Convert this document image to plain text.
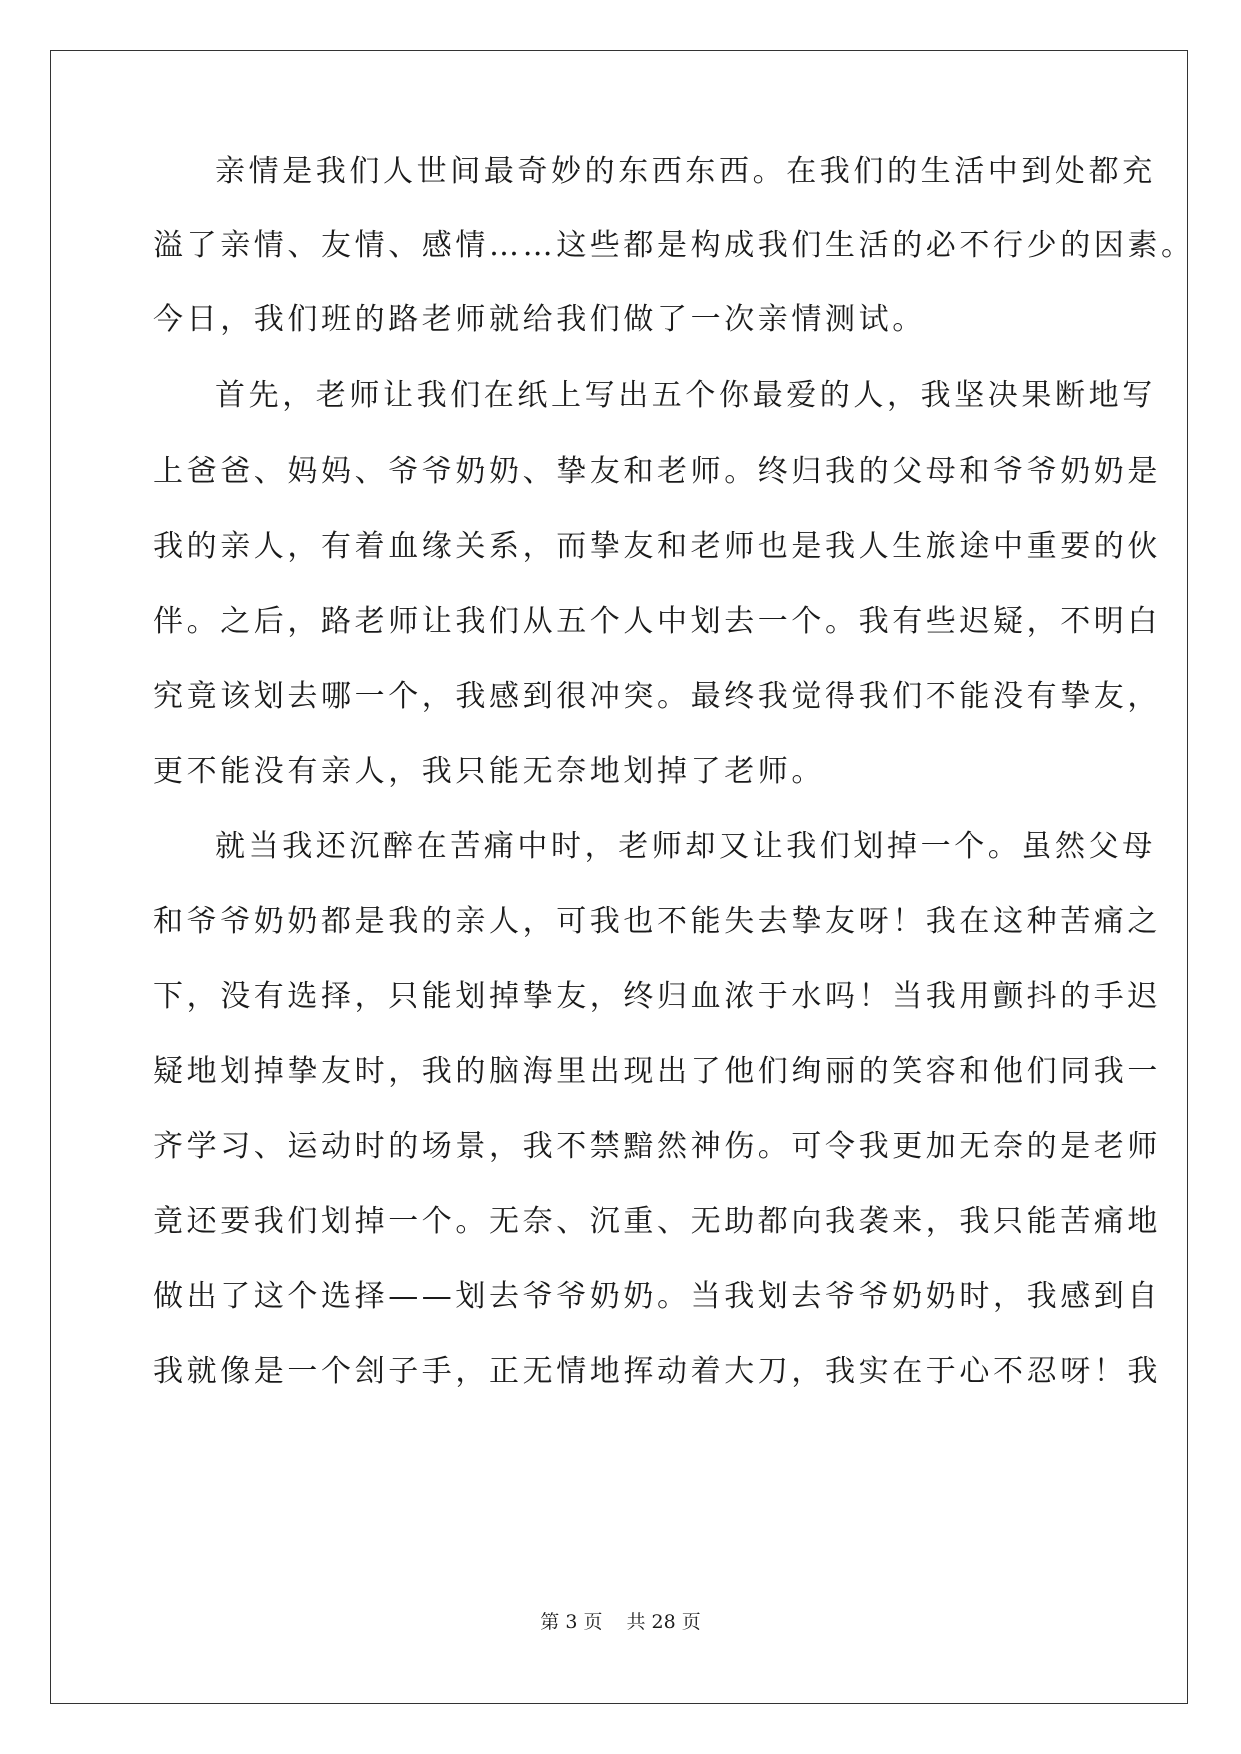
亲情是我们人世间最奇妙的东西东西。在我们的生活中到处都充
溢了亲情、友情、感情……这些都是构成我们生活的必不行少的因素。
今日，我们班的路老师就给我们做了一次亲情测试。
首先，老师让我们在纸上写出五个你最爱的人，我坚决果断地写
上爸爸、妈妈、爷爷奶奶、挚友和老师。终归我的父母和爷爷奶奶是
我的亲人，有着血缘关系，而挚友和老师也是我人生旅途中重要的伙
伴。之后，路老师让我们从五个人中划去一个。我有些迟疑，不明白
究竟该划去哪一个，我感到很冲突。最终我觉得我们不能没有挚友，
更不能没有亲人，我只能无奈地划掉了老师。
就当我还沉醉在苦痛中时，老师却又让我们划掉一个。虽然父母
和爷爷奶奶都是我的亲人，可我也不能失去挚友呀！我在这种苦痛之
下，没有选择，只能划掉挚友，终归血浓于水吗！当我用颤抖的手迟
疑地划掉挚友时，我的脑海里出现出了他们绚丽的笑容和他们同我一
齐学习、运动时的场景，我不禁黯然神伤。可令我更加无奈的是老师
竟还要我们划掉一个。无奈、沉重、无助都向我袭来，我只能苦痛地
做出了这个选择——划去爷爷奶奶。当我划去爷爷奶奶时，我感到自
我就像是一个刽子手，正无情地挥动着大刀，我实在于心不忍呀！我
第 3 页 共 28 页
